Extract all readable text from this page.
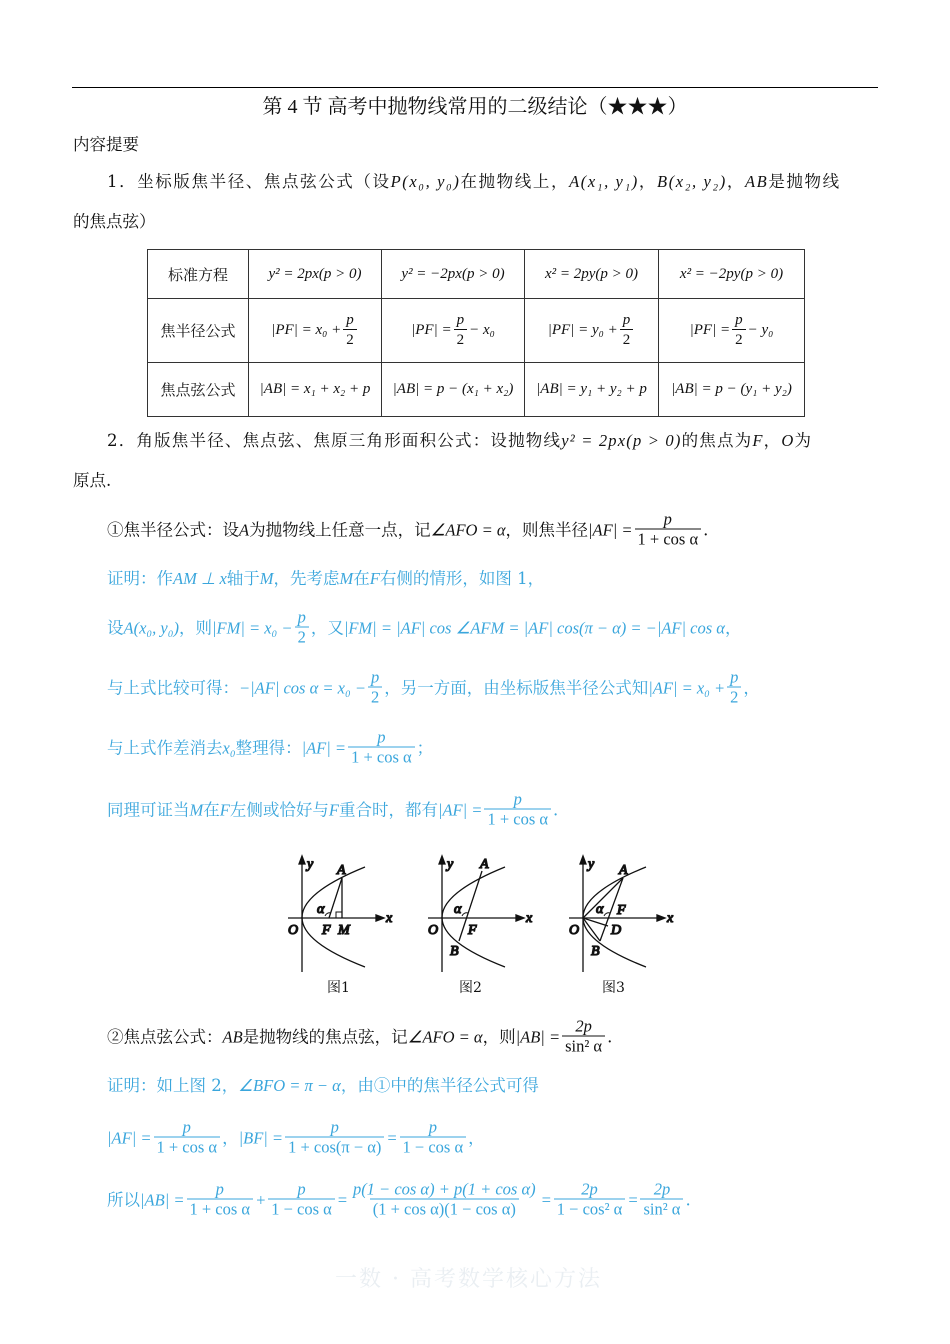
第 4 节 高考中抛物线常用的二级结论（★★★）
一数 · 高考数学核心方法
内容提要
1．坐标版焦半径、焦点弦公式（设 P(x₀, y₀) 在抛物线上， A(x₁, y₁) ， B(x₂, y₂) ， AB 是抛物线
的焦点弦）
标准方程	y² = 2px(p > 0)	y² = −2px(p > 0)	x² = 2py(p > 0)	x² = −2py(p > 0)

焦半径公式	$|PF| = x_0 + \frac{p}{2}$	$|PF| = \frac{p}{2} - x_0$	$|PF| = y_0 + \frac{p}{2}$	$|PF| = \frac{p}{2} - y_0$

焦点弦公式	|AB| = x₁ + x₂ + p	|AB| = p − (x₁ + x₂)	|AB| = y₁ + y₂ + p	|AB| = p − (y₁ + y₂)
2．角版焦半径、焦点弦、焦原三角形面积公式：设抛物线 y² = 2px(p > 0) 的焦点为 F ， O 为
原点.
①焦半径公式：设 A 为抛物线上任意一点，记 ∠AFO = α ，则焦半径 $|AF| = \frac{p}{\text{1 + cos α}}$ .
证明：作 AM ⊥ x 轴于 M ，先考虑 M 在 F 右侧的情形，如图 1，
设 A(x₀, y₀) ，则 $|FM| = x_0 - \frac{p}{2}$ ，又 |FM| = |AF| cos ∠AFM = |AF| cos(π − α) = −|AF| cos α ，
与上式比较可得： −|AF| $\cos \alpha = x_0 - \frac{p}{2}$ ，另一方面，由坐标版焦半径公式知 $|AF| = x_0 + \frac{p}{2}$ ，
与上式作差消去 x₀ 整理得： $|AF| = \frac{p}{\text{1 + cos α}}$ ；
同理可证当 M 在 F 左侧或恰好与 F 重合时，都有 $|AF| = \frac{p}{\text{1 + cos α}}$ .
x
y
O
A
F M
α
x
y
O
A
F
B
α
x
y
O
A
F
D
B
α
图1	图2	图3
②焦点弦公式： AB 是抛物线的焦点弦，记 ∠AFO = α ，则 $|AB| = \frac{2p}{\text{sin² α}}$ .
证明：如上图 2， ∠BFO = π − α ，由①中的焦半径公式可得
$|AF| = \frac{p}{\text{1 + cos α}}$ ， $|BF| = \frac{p}{1 + \cos(\pi - \alpha)} = \frac{p}{\text{1 − cos α}}$ ，
所以 $|AB| = \frac{p}{\text{1 + cos α}} + \frac{p}{\text{1 − cos α}} = \frac{\text{p(1 − cos α) + p(1 + cos α)}}{\text{(1 + cos α)(1 − cos α)}} = \frac{2p}{\text{1 − cos² α}} = \frac{2p}{\text{sin² α}}$ .
